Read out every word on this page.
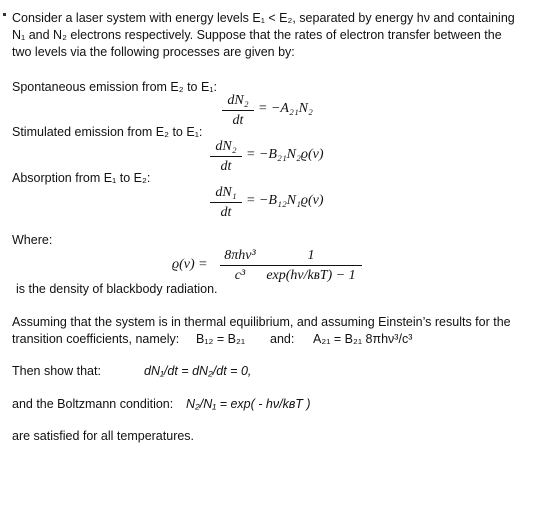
Consider a laser system with energy levels E₁ < E₂, separated by energy hν and containing N₁ and N₂ electrons respectively. Suppose that the rates of electron transfer between the two levels via the following processes are given by:
Spontaneous emission from E₂ to E₁:
dN₂
dt
= −A₂₁N₂
Stimulated emission from E₂ to E₁:
dN₂
dt
= −B₂₁N₂ϱ(ν)
Absorption from E₁ to E₂:
dN₁
dt
= −B₁₂N₁ϱ(ν)
Where:
ϱ(ν) =
8πhν³
c³
1
exp(hν/kʙT) − 1
is the density of blackbody radiation.
Assuming that the system is in thermal equilibrium, and assuming Einstein’s results for the
transition coefficients, namely: B₁₂ = B₂₁ and: A₂₁ = B₂₁ 8πhν³/c³
Then show that:	dN₁/dt = dN₂/dt = 0,
and the Boltzmann condition: N₂/N₁ = exp( - hν/kʙT )
are satisfied for all temperatures.
